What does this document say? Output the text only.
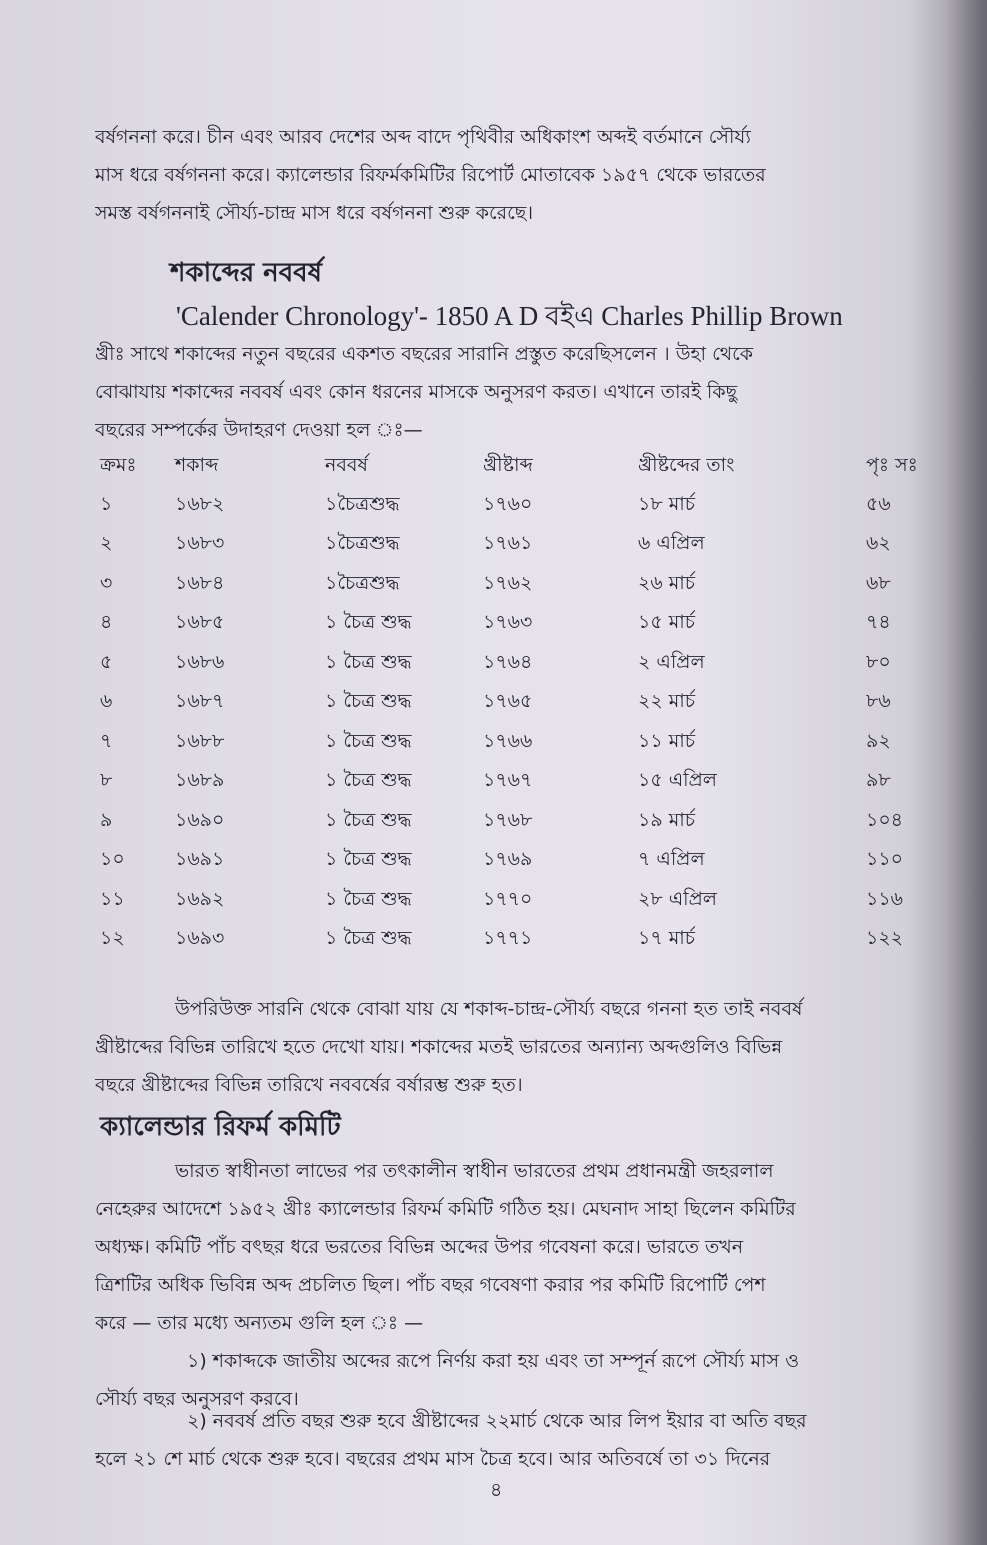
বর্ষগননা করে। চীন এবং আরব দেশের অব্দ বাদে পৃথিবীর অধিকাংশ অব্দই বর্তমানে সৌর্য্য
মাস ধরে বর্ষগননা করে। ক্যালেন্ডার রিফর্মকমিটির রিপোর্ট মোতাবেক ১৯৫৭ থেকে ভারতের
সমস্ত বর্ষগননাই সৌর্য্য-চান্দ্র মাস ধরে বর্ষগননা শুরু করেছে।
শকাব্দের নববর্ষ
'Calender Chronology'- 1850 A D বইএ Charles Phillip Brown
খ্রীঃ সাথে শকাব্দের নতুন বছরের একশত বছরের সারানি প্রস্তুত করেছিসলেন । উহা থেকে
বোঝাযায় শকাব্দের নববর্ষ এবং কোন ধরনের মাসকে অনুসরণ করত। এখানে তারই কিছু
বছরের সম্পর্কের উদাহরণ দেওয়া হল ঃ—
ক্রমঃ	শকাব্দ	নববর্ষ	খ্রীষ্টাব্দ	খ্রীষ্টব্দের তাং	পৃঃ সঃ
১	১৬৮২	১চৈত্রশুদ্ধ	১৭৬০	১৮ মার্চ	৫৬
২	১৬৮৩	১চৈত্রশুদ্ধ	১৭৬১	৬ এপ্রিল	৬২
৩	১৬৮৪	১চৈত্রশুদ্ধ	১৭৬২	২৬ মার্চ	৬৮
৪	১৬৮৫	১ চৈত্র শুদ্ধ	১৭৬৩	১৫ মার্চ	৭৪
৫	১৬৮৬	১ চৈত্র শুদ্ধ	১৭৬৪	২ এপ্রিল	৮০
৬	১৬৮৭	১ চৈত্র শুদ্ধ	১৭৬৫	২২ মার্চ	৮৬
৭	১৬৮৮	১ চৈত্র শুদ্ধ	১৭৬৬	১১ মার্চ	৯২
৮	১৬৮৯	১ চৈত্র শুদ্ধ	১৭৬৭	১৫ এপ্রিল	৯৮
৯	১৬৯০	১ চৈত্র শুদ্ধ	১৭৬৮	১৯ মার্চ	১০৪
১০	১৬৯১	১ চৈত্র শুদ্ধ	১৭৬৯	৭ এপ্রিল	১১০
১১	১৬৯২	১ চৈত্র শুদ্ধ	১৭৭০	২৮ এপ্রিল	১১৬
১২	১৬৯৩	১ চৈত্র শুদ্ধ	১৭৭১	১৭ মার্চ	১২২
উপরিউক্ত সারনি থেকে বোঝা যায় যে শকাব্দ-চান্দ্র-সৌর্য্য বছরে গননা হত তাই নববর্ষ
খ্রীষ্টাব্দের বিভিন্ন তারিখে হতে দেখো যায়। শকাব্দের মতই ভারতের অন্যান্য অব্দগুলিও বিভিন্ন
বছরে খ্রীষ্টাব্দের বিভিন্ন তারিখে নববর্ষের বর্ষারম্ভ শুরু হত।
ক্যালেন্ডার রিফর্ম কমিটি
ভারত স্বাধীনতা লাভের পর তৎকালীন স্বাধীন ভারতের প্রথম প্রধানমন্ত্রী জহরলাল
নেহেরুর আদেশে ১৯৫২ খ্রীঃ ক্যালেন্ডার রিফর্ম কমিটি গঠিত হয়। মেঘনাদ সাহা ছিলেন কমিটির
অধ্যক্ষ। কমিটি পাঁচ বৎছর ধরে ভরতের বিভিন্ন অব্দের উপর গবেষনা করে। ভারতে তখন
ত্রিশটির অধিক ভিবিন্ন অব্দ প্রচলিত ছিল। পাঁচ বছর গবেষণা করার পর কমিটি রিপোর্টি পেশ
করে — তার মধ্যে অন্যতম গুলি হল ঃ —
১) শকাব্দকে জাতীয় অব্দের রূপে নির্ণয় করা হয় এবং তা সম্পূর্ন রূপে সৌর্য্য মাস ও
সৌর্য্য বছর অনুসরণ করবে।
২) নববর্ষ প্রতি বছর শুরু হবে খ্রীষ্টাব্দের ২২মার্চ থেকে আর লিপ ইয়ার বা অতি বছর
হলে ২১ শে মার্চ থেকে শুরু হবে। বছরের প্রথম মাস চৈত্র হবে। আর অতিবর্ষে তা ৩১ দিনের
৪
